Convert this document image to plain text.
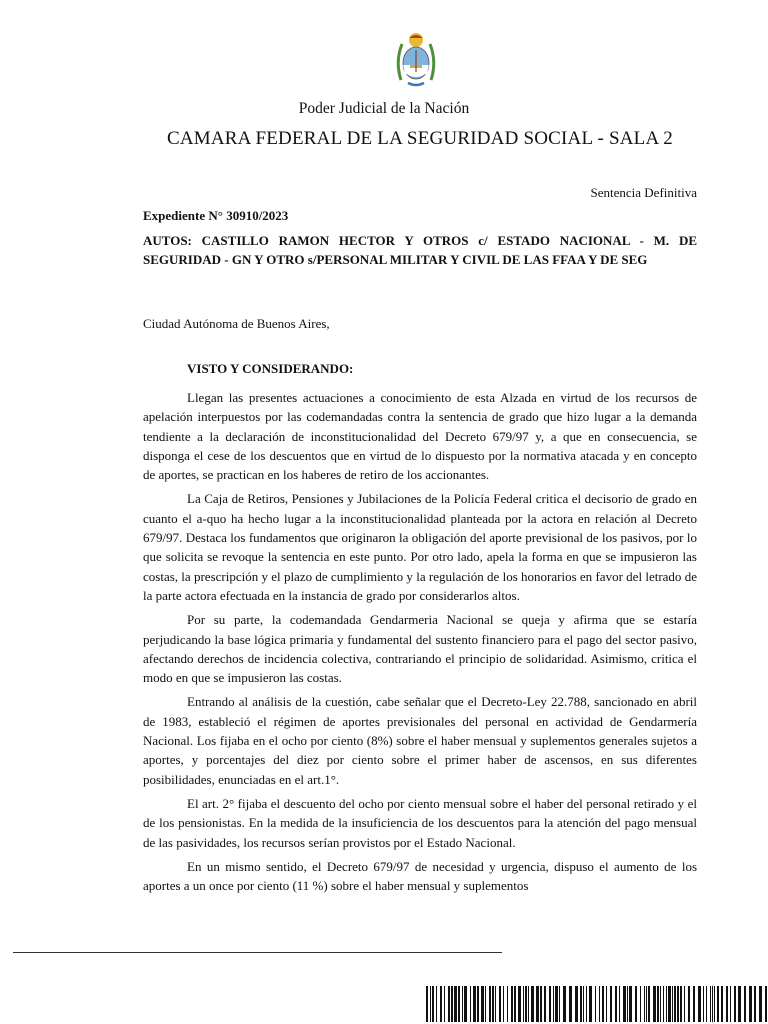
Poder Judicial de la Nación
CAMARA FEDERAL DE LA SEGURIDAD SOCIAL - SALA 2
Sentencia Definitiva
Expediente N° 30910/2023
AUTOS: CASTILLO RAMON HECTOR Y OTROS c/ ESTADO NACIONAL - M. DE SEGURIDAD - GN Y OTRO s/PERSONAL MILITAR Y CIVIL DE LAS FFAA Y DE SEG
Ciudad Autónoma de Buenos Aires,
VISTO Y CONSIDERANDO:

Llegan las presentes actuaciones a conocimiento de esta Alzada en virtud de los recursos de apelación interpuestos por las codemandadas contra la sentencia de grado que hizo lugar a la demanda tendiente a la declaración de inconstitucionalidad del Decreto 679/97 y, a que en consecuencia, se disponga el cese de los descuentos que en virtud de lo dispuesto por la normativa atacada y en concepto de aportes, se practican en los haberes de retiro de los accionantes.

La Caja de Retiros, Pensiones y Jubilaciones de la Policía Federal critica el decisorio de grado en cuanto el a-quo ha hecho lugar a la inconstitucionalidad planteada por la actora en relación al Decreto 679/97. Destaca los fundamentos que originaron la obligación del aporte previsional de los pasivos, por lo que solicita se revoque la sentencia en este punto. Por otro lado, apela la forma en que se impusieron las costas, la prescripción y el plazo de cumplimiento y la regulación de los honorarios en favor del letrado de la parte actora efectuada en la instancia de grado por considerarlos altos.

Por su parte, la codemandada Gendarmeria Nacional se queja y afirma que se estaría perjudicando la base lógica primaria y fundamental del sustento financiero para el pago del sector pasivo, afectando derechos de incidencia colectiva, contrariando el principio de solidaridad. Asimismo, critica el modo en que se impusieron las costas.

Entrando al análisis de la cuestión, cabe señalar que el Decreto-Ley 22.788, sancionado en abril de 1983, estableció el régimen de aportes previsionales del personal en actividad de Gendarmería Nacional. Los fijaba en el ocho por ciento (8%) sobre el haber mensual y suplementos generales sujetos a aportes, y porcentajes del diez por ciento sobre el primer haber de ascensos, en sus diferentes posibilidades, enunciadas en el art.1°.

El art. 2° fijaba el descuento del ocho por ciento mensual sobre el haber del personal retirado y el de los pensionistas. En la medida de la insuficiencia de los descuentos para la atención del pago mensual de las pasividades, los recursos serían provistos por el Estado Nacional.

En un mismo sentido, el Decreto 679/97 de necesidad y urgencia, dispuso el aumento de los aportes a un once por ciento (11 %) sobre el haber mensual y suplementos
